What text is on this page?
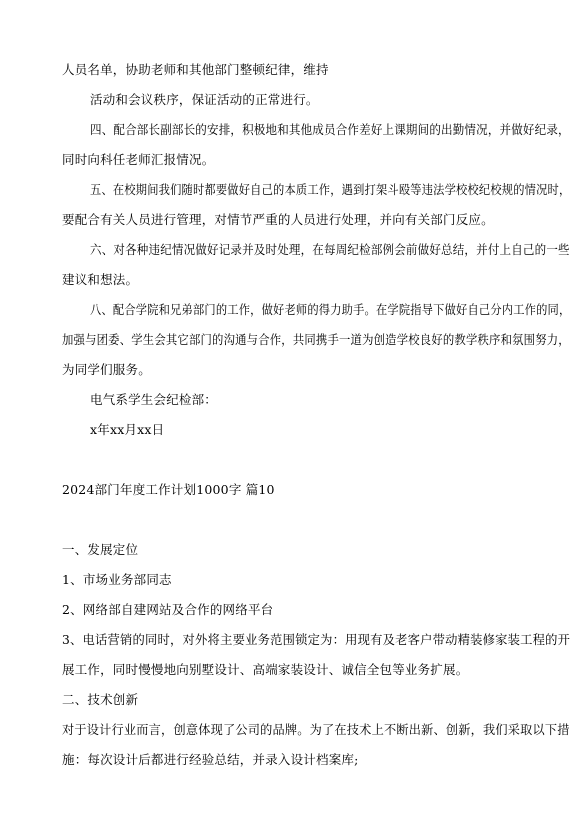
人员名单，协助老师和其他部门整顿纪律，维持
活动和会议秩序，保证活动的正常进行。
四、配合部长副部长的安排，积极地和其他成员合作差好上课期间的出勤情况，并做好纪录，
同时向科任老师汇报情况。
五、在校期间我们随时都要做好自己的本质工作，遇到打架斗殴等违法学校校纪校规的情况时，
要配合有关人员进行管理，对情节严重的人员进行处理，并向有关部门反应。
六、对各种违纪情况做好记录并及时处理，在每周纪检部例会前做好总结，并付上自己的一些
建议和想法。
八、配合学院和兄弟部门的工作，做好老师的得力助手。在学院指导下做好自己分内工作的同，
加强与团委、学生会其它部门的沟通与合作，共同携手一道为创造学校良好的教学秩序和氛围努力，
为同学们服务。
电气系学生会纪检部：
x年xx月xx日
2024部门年度工作计划1000字 篇10
一、发展定位
1、市场业务部同志
2、网络部自建网站及合作的网络平台
3、电话营销的同时，对外将主要业务范围锁定为：用现有及老客户带动精装修家装工程的开
展工作，同时慢慢地向别墅设计、高端家装设计、诚信全包等业务扩展。
二、技术创新
对于设计行业而言，创意体现了公司的品牌。为了在技术上不断出新、创新，我们采取以下措
施：每次设计后都进行经验总结，并录入设计档案库;
